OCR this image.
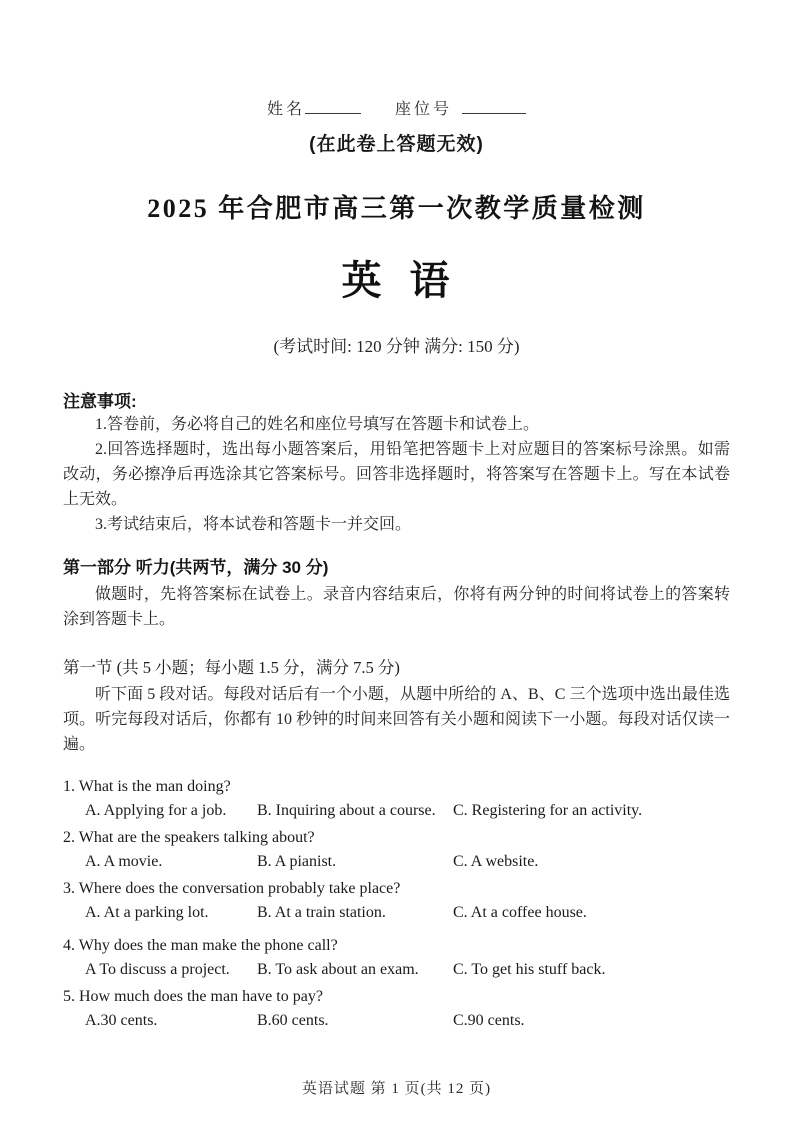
姓名	座位号
(在此卷上答题无效)
2025 年合肥市高三第一次教学质量检测
英 语
(考试时间: 120 分钟 满分: 150 分)
注意事项:

1.答卷前，务必将自己的姓名和座位号填写在答题卡和试卷上。

2.回答选择题时，选出每小题答案后，用铅笔把答题卡上对应题目的答案标号涂黑。如需改动，务必擦净后再选涂其它答案标号。回答非选择题时，将答案写在答题卡上。写在本试卷上无效。

3.考试结束后，将本试卷和答题卡一并交回。

第一部分 听力(共两节，满分 30 分)

做题时，先将答案标在试卷上。录音内容结束后，你将有两分钟的时间将试卷上的答案转涂到答题卡上。

第一节 (共 5 小题；每小题 1.5 分，满分 7.5 分)

听下面 5 段对话。每段对话后有一个小题，从题中所给的 A、B、C 三个选项中选出最佳选项。听完每段对话后，你都有 10 秒钟的时间来回答有关小题和阅读下一小题。每段对话仅读一遍。

1. What is the man doing?
A. Applying for a job.	B. Inquiring about a course.	C. Registering for an activity.
2. What are the speakers talking about?
A. A movie.	B. A pianist.	C. A website.
3. Where does the conversation probably take place?
A. At a parking lot.	B. At a train station.	C. At a coffee house.
4. Why does the man make the phone call?
A To discuss a project.	B. To ask about an exam.	C. To get his stuff back.
5. How much does the man have to pay?
A.30 cents.	B.60 cents.	C.90 cents.
英语试题 第 1 页(共 12 页)
